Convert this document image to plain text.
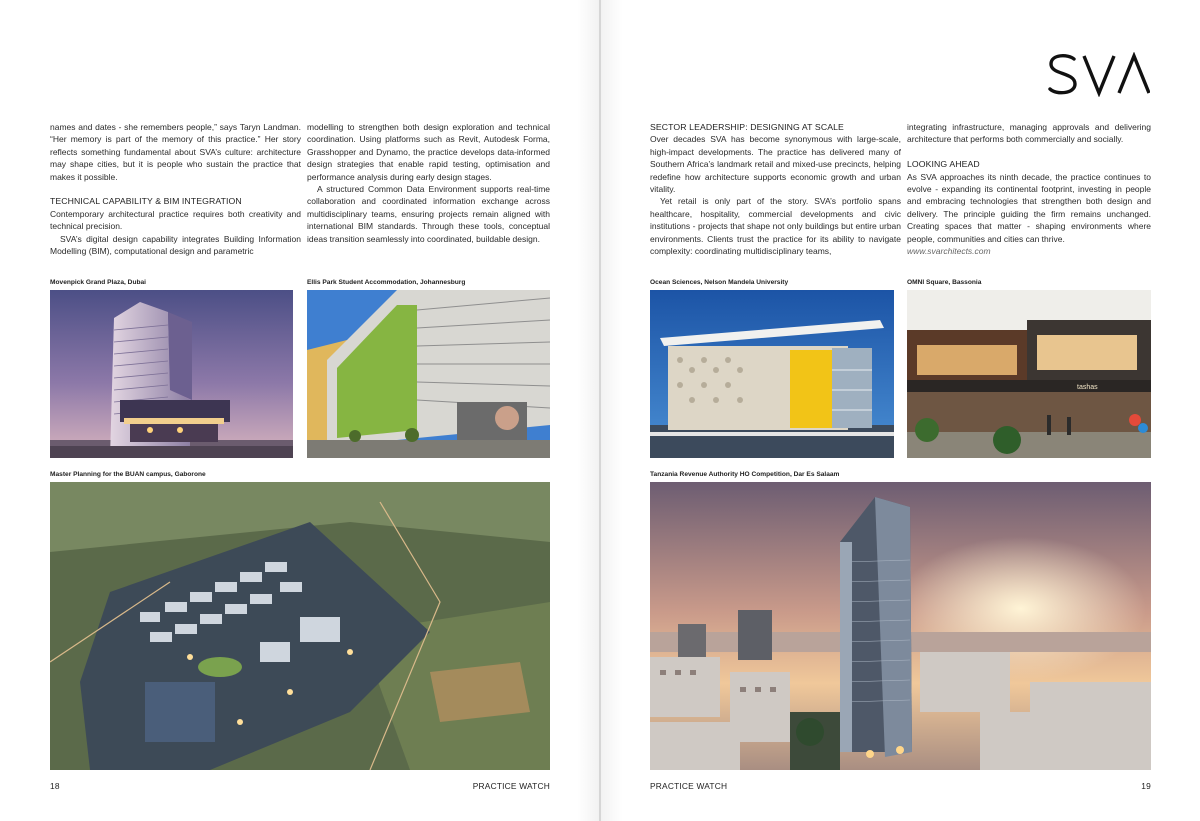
names and dates - she remembers people,” says Taryn Landman. “Her memory is part of the memory of this practice.” Her story reflects something fundamental about SVA’s culture: architecture may shape cities, but it is people who sustain the practice that makes it possible.

TECHNICAL CAPABILITY & BIM INTEGRATION

Contemporary architectural practice requires both creativity and technical precision.

SVA’s digital design capability integrates Building Information Modelling (BIM), computational design and parametric

modelling to strengthen both design exploration and technical coordination. Using platforms such as Revit, Autodesk Forma, Grasshopper and Dynamo, the practice develops data-informed design strategies that enable rapid testing, optimisation and performance analysis during early design stages.

A structured Common Data Environment supports real-time collaboration and coordinated information exchange across multidisciplinary teams, ensuring projects remain aligned with international BIM standards. Through these tools, conceptual ideas transition seamlessly into coordinated, buildable design.

Movenpick Grand Plaza, Dubai	Ellis Park Student Accommodation, Johannesburg
Master Planning for the BUAN campus, Gaborone
18	PRACTICE WATCH
SECTOR LEADERSHIP: DESIGNING AT SCALE

Over decades SVA has become synonymous with large-scale, high-impact developments. The practice has delivered many of Southern Africa’s landmark retail and mixed-use precincts, helping redefine how architecture supports economic growth and urban vitality.

Yet retail is only part of the story. SVA’s portfolio spans healthcare, hospitality, commercial developments and civic institutions - projects that shape not only buildings but entire urban environments. Clients trust the practice for its ability to navigate complexity: coordinating multidisciplinary teams,

integrating infrastructure, managing approvals and delivering architecture that performs both commercially and socially.

LOOKING AHEAD

As SVA approaches its ninth decade, the practice continues to evolve - expanding its continental footprint, investing in people and embracing technologies that strengthen both design and delivery. The principle guiding the firm remains unchanged. Creating spaces that matter - shaping environments where people, communities and cities can thrive.

www.svarchitects.com

Ocean Sciences, Nelson Mandela University	OMNI Square, Bassonia
tashas
Tanzania Revenue Authority HO Competition, Dar Es Salaam
PRACTICE WATCH	19
